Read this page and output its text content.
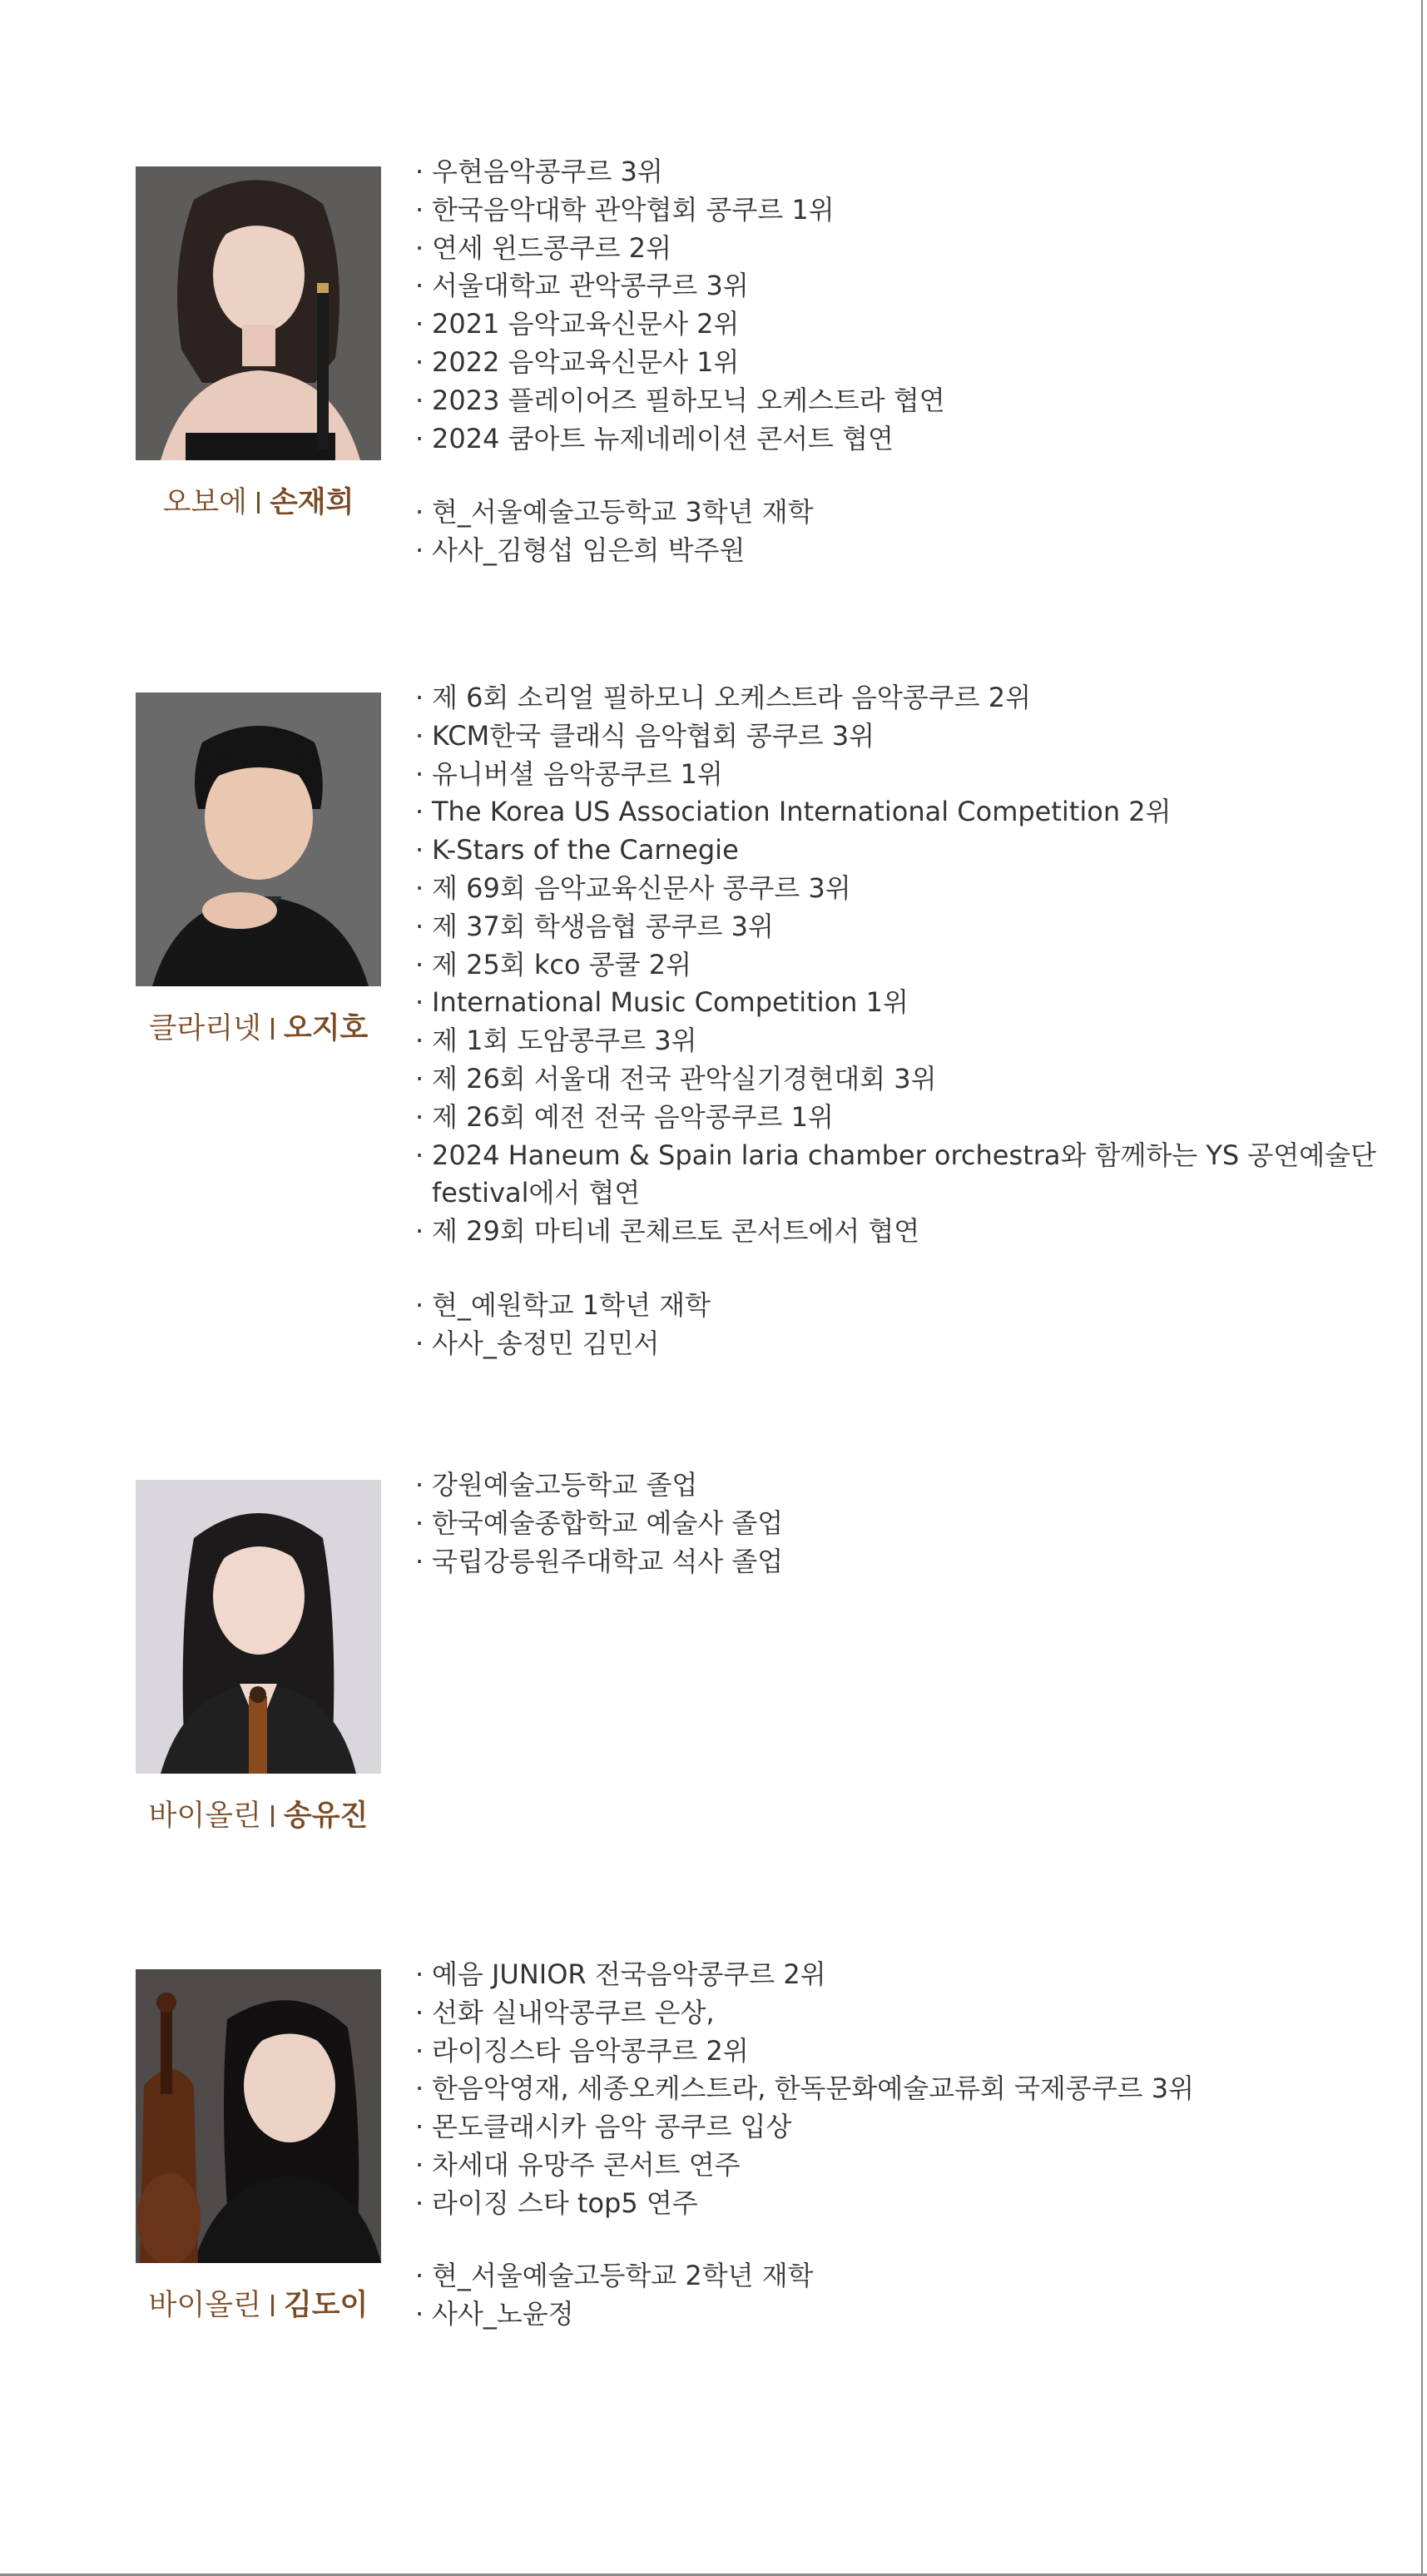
오보에 손재희
· 우현음악콩쿠르 3위
· 한국음악대학 관악협회 콩쿠르 1위
· 연세 윈드콩쿠르 2위
· 서울대학교 관악콩쿠르 3위
· 2021 음악교육신문사 2위
· 2022 음악교육신문사 1위
· 2023 플레이어즈 필하모닉 오케스트라 협연
· 2024 쿰아트 뉴제네레이션 콘서트 협연
· 현_서울예술고등학교 3학년 재학
· 사사_김형섭 임은희 박주원
클라리넷 오지호
· 제 6회 소리얼 필하모니 오케스트라 음악콩쿠르 2위
· KCM한국 클래식 음악협회 콩쿠르 3위
· 유니버셜 음악콩쿠르 1위
· The Korea US Association International Competition 2위
· K-Stars of the Carnegie
· 제 69회 음악교육신문사 콩쿠르 3위
· 제 37회 학생음협 콩쿠르 3위
· 제 25회 kco 콩쿨 2위
· International Music Competition 1위
· 제 1회 도암콩쿠르 3위
· 제 26회 서울대 전국 관악실기경현대회 3위
· 제 26회 예전 전국 음악콩쿠르 1위
· 2024 Haneum & Spain laria chamber orchestra와 함께하는 YS 공연예술단 festival에서 협연
· 제 29회 마티네 콘체르토 콘서트에서 협연
· 현_예원학교 1학년 재학
· 사사_송정민 김민서
바이올린 송유진
· 강원예술고등학교 졸업
· 한국예술종합학교 예술사 졸업
· 국립강릉원주대학교 석사 졸업
바이올린 김도이
· 예음 JUNIOR 전국음악콩쿠르 2위
· 선화 실내악콩쿠르 은상,
· 라이징스타 음악콩쿠르 2위
· 한음악영재, 세종오케스트라, 한독문화예술교류회 국제콩쿠르 3위
· 몬도클래시카 음악 콩쿠르 입상
· 차세대 유망주 콘서트 연주
· 라이징 스타 top5 연주
· 현_서울예술고등학교 2학년 재학
· 사사_노윤정
